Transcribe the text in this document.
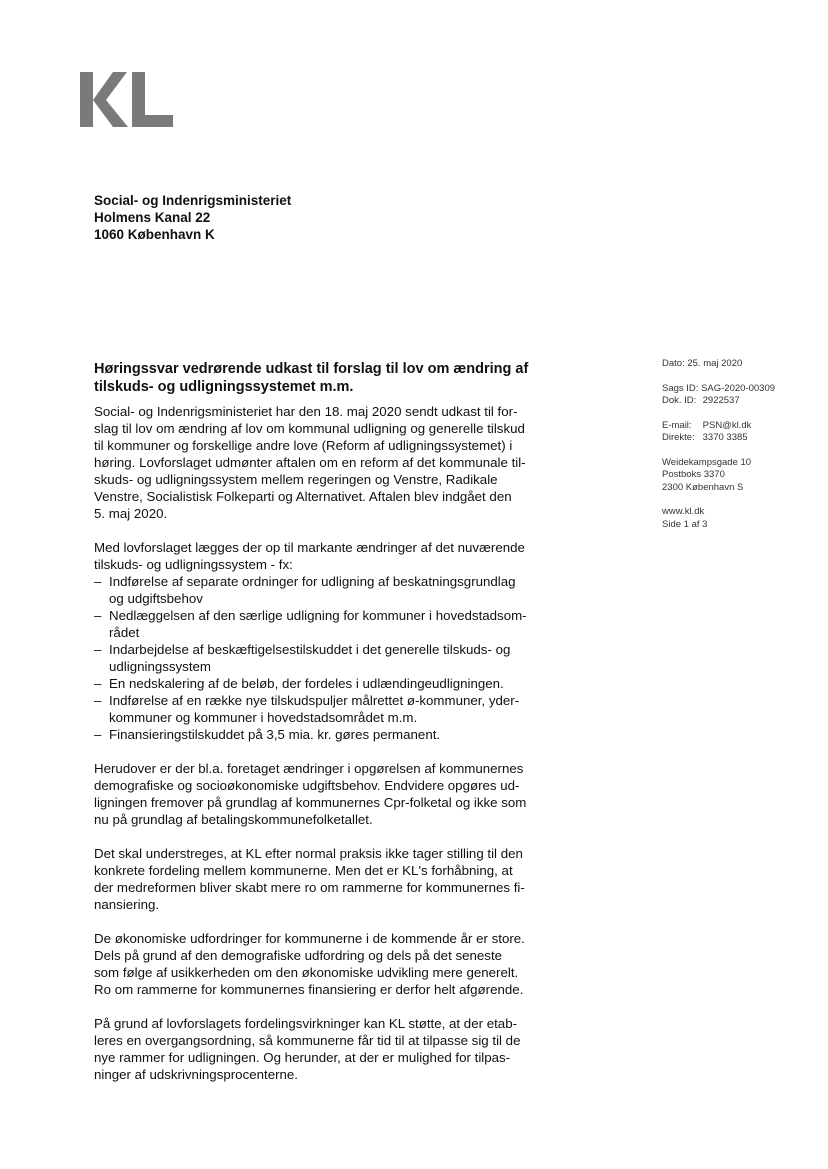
Social- og Indenrigsministeriet
Holmens Kanal 22
1060 København K
Høringssvar vedrørende udkast til forslag til lov om ændring af
tilskuds- og udligningssystemet m.m.
Dato: 25. maj 2020
Sags ID: SAG-2020-00309
Dok. ID: 2922537
E-mail: PSN@kl.dk
Direkte: 3370 3385
Weidekampsgade 10
Postboks 3370
2300 København S
www.kl.dk
Side 1 af 3
Social- og Indenrigsministeriet har den 18. maj 2020 sendt udkast til for-
slag til lov om ændring af lov om kommunal udligning og generelle tilskud
til kommuner og forskellige andre love (Reform af udligningssystemet) i
høring. Lovforslaget udmønter aftalen om en reform af det kommunale til-
skuds- og udligningssystem mellem regeringen og Venstre, Radikale
Venstre, Socialistisk Folkeparti og Alternativet. Aftalen blev indgået den
5. maj 2020.
Med lovforslaget lægges der op til markante ændringer af det nuværende
tilskuds- og udligningssystem - fx:
– Indførelse af separate ordninger for udligning af beskatningsgrundlag
og udgiftsbehov
– Nedlæggelsen af den særlige udligning for kommuner i hovedstadsom-
rådet
– Indarbejdelse af beskæftigelsestilskuddet i det generelle tilskuds- og
udligningssystem
– En nedskalering af de beløb, der fordeles i udlændingeudligningen.
– Indførelse af en række nye tilskudspuljer målrettet ø-kommuner, yder-
kommuner og kommuner i hovedstadsområdet m.m.
– Finansieringstilskuddet på 3,5 mia. kr. gøres permanent.
Herudover er der bl.a. foretaget ændringer i opgørelsen af kommunernes
demografiske og socioøkonomiske udgiftsbehov. Endvidere opgøres ud-
ligningen fremover på grundlag af kommunernes Cpr-folketal og ikke som
nu på grundlag af betalingskommunefolketallet.
Det skal understreges, at KL efter normal praksis ikke tager stilling til den
konkrete fordeling mellem kommunerne. Men det er KL's forhåbning, at
der medreformen bliver skabt mere ro om rammerne for kommunernes fi-
nansiering.
De økonomiske udfordringer for kommunerne i de kommende år er store.
Dels på grund af den demografiske udfordring og dels på det seneste
som følge af usikkerheden om den økonomiske udvikling mere generelt.
Ro om rammerne for kommunernes finansiering er derfor helt afgørende.
På grund af lovforslagets fordelingsvirkninger kan KL støtte, at der etab-
leres en overgangsordning, så kommunerne får tid til at tilpasse sig til de
nye rammer for udligningen. Og herunder, at der er mulighed for tilpas-
ninger af udskrivningsprocenterne.
